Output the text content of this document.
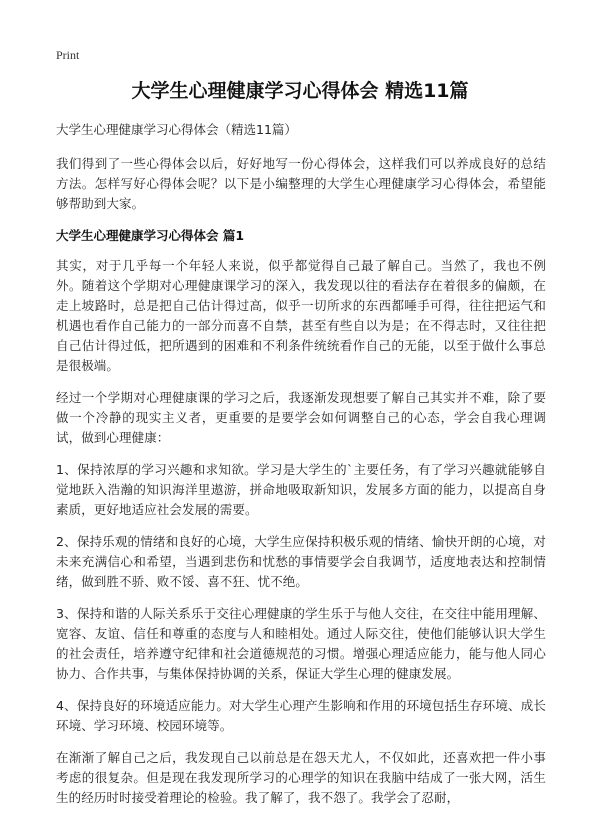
Print
大学生心理健康学习心得体会 精选11篇

大学生心理健康学习心得体会（精选11篇）

我们得到了一些心得体会以后，好好地写一份心得体会，这样我们可以养成良好的总结方法。怎样写好心得体会呢？以下是小编整理的大学生心理健康学习心得体会，希望能够帮助到大家。

大学生心理健康学习心得体会 篇1

其实，对于几乎每一个年轻人来说，似乎都觉得自己最了解自己。当然了，我也不例外。随着这个学期对心理健康课学习的深入，我发现以往的看法存在着很多的偏颇，在走上坡路时，总是把自己估计得过高，似乎一切所求的东西都唾手可得，往往把运气和机遇也看作自己能力的一部分而喜不自禁，甚至有些自以为是；在不得志时，又往往把自己估计得过低，把所遇到的困难和不利条件统统看作自己的无能，以至于做什么事总是很极端。

经过一个学期对心理健康课的学习之后，我逐渐发现想要了解自己其实并不难，除了要做一个冷静的现实主义者，更重要的是要学会如何调整自己的心态，学会自我心理调试，做到心理健康：

1、保持浓厚的学习兴趣和求知欲。学习是大学生的`主要任务，有了学习兴趣就能够自觉地跃入浩瀚的知识海洋里遨游，拼命地吸取新知识，发展多方面的能力，以提高自身素质，更好地适应社会发展的需要。

2、保持乐观的情绪和良好的心境，大学生应保持积极乐观的情绪、愉快开朗的心境，对未来充满信心和希望，当遇到悲伤和忧愁的事情要学会自我调节，适度地表达和控制情绪，做到胜不骄、败不馁、喜不狂、忧不绝。

3、保持和谐的人际关系乐于交往心理健康的学生乐于与他人交往，在交往中能用理解、宽容、友谊、信任和尊重的态度与人和睦相处。通过人际交往，使他们能够认识大学生的社会责任，培养遵守纪律和社会道德规范的习惯。增强心理适应能力，能与他人同心协力、合作共事，与集体保持协调的关系，保证大学生心理的健康发展。

4、保持良好的环境适应能力。对大学生心理产生影响和作用的环境包括生存环境、成长环境、学习环境、校园环境等。

在渐渐了解自己之后，我发现自己以前总是在怨天尤人，不仅如此，还喜欢把一件小事考虑的很复杂。但是现在我发现所学习的心理学的知识在我脑中结成了一张大网，活生生的经历时时接受着理论的检验。我了解了，我不怨了。我学会了忍耐，
